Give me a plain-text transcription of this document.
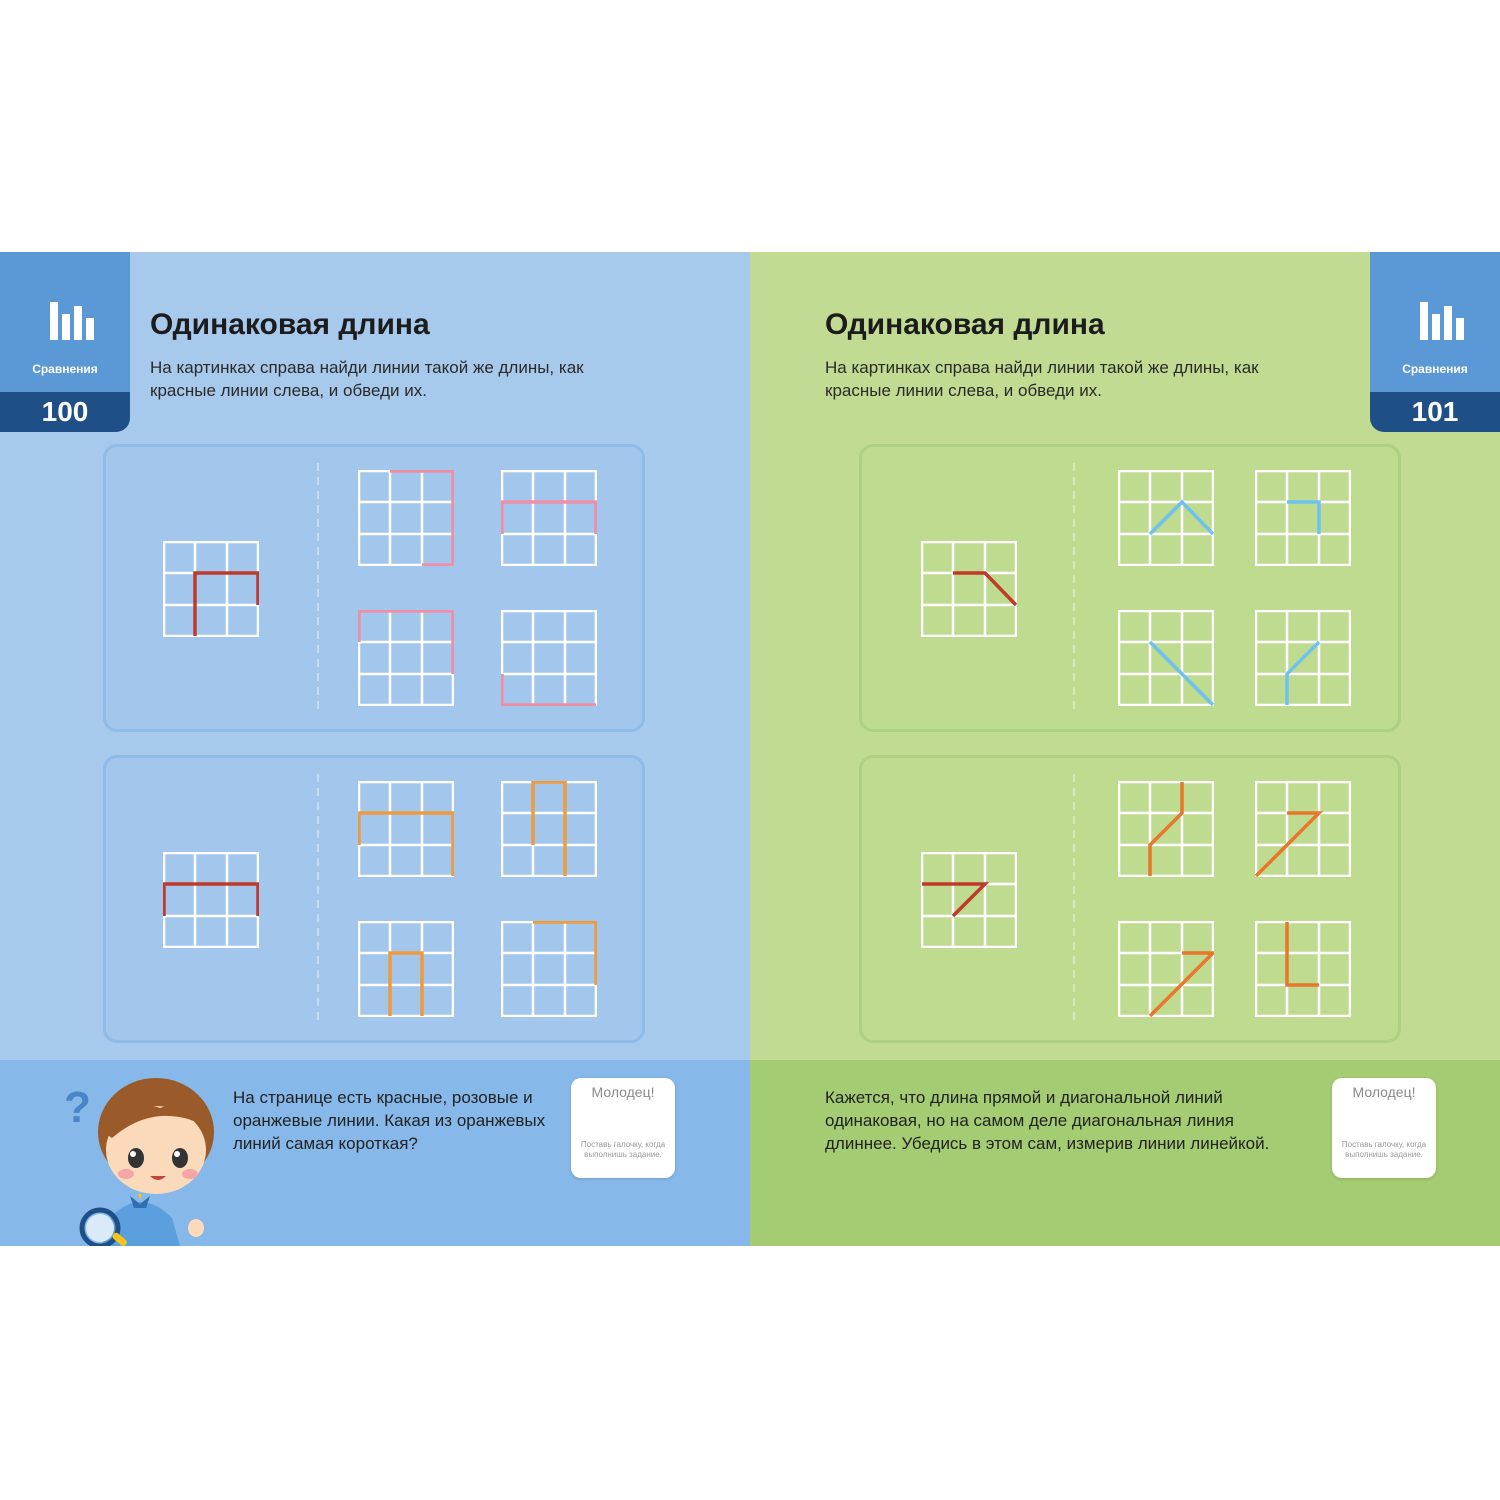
Сравнения
100
Одинаковая длина

На картинках справа найди линии такой же длины, как красные линии слева, и обведи их.

?	На странице есть красные, розовые и оранжевые линии. Какая из оранжевых линий самая короткая?

Молодец!
Поставь галочку, когда выполнишь задание.
Сравнения
101
Одинаковая длина

На картинках справа найди линии такой же длины, как красные линии слева, и обведи их.

Кажется, что длина прямой и диагональной линий одинаковая, но на самом деле диагональная линия длиннее. Убедись в этом сам, измерив линии линейкой.

Молодец!
Поставь галочку, когда выполнишь задание.
